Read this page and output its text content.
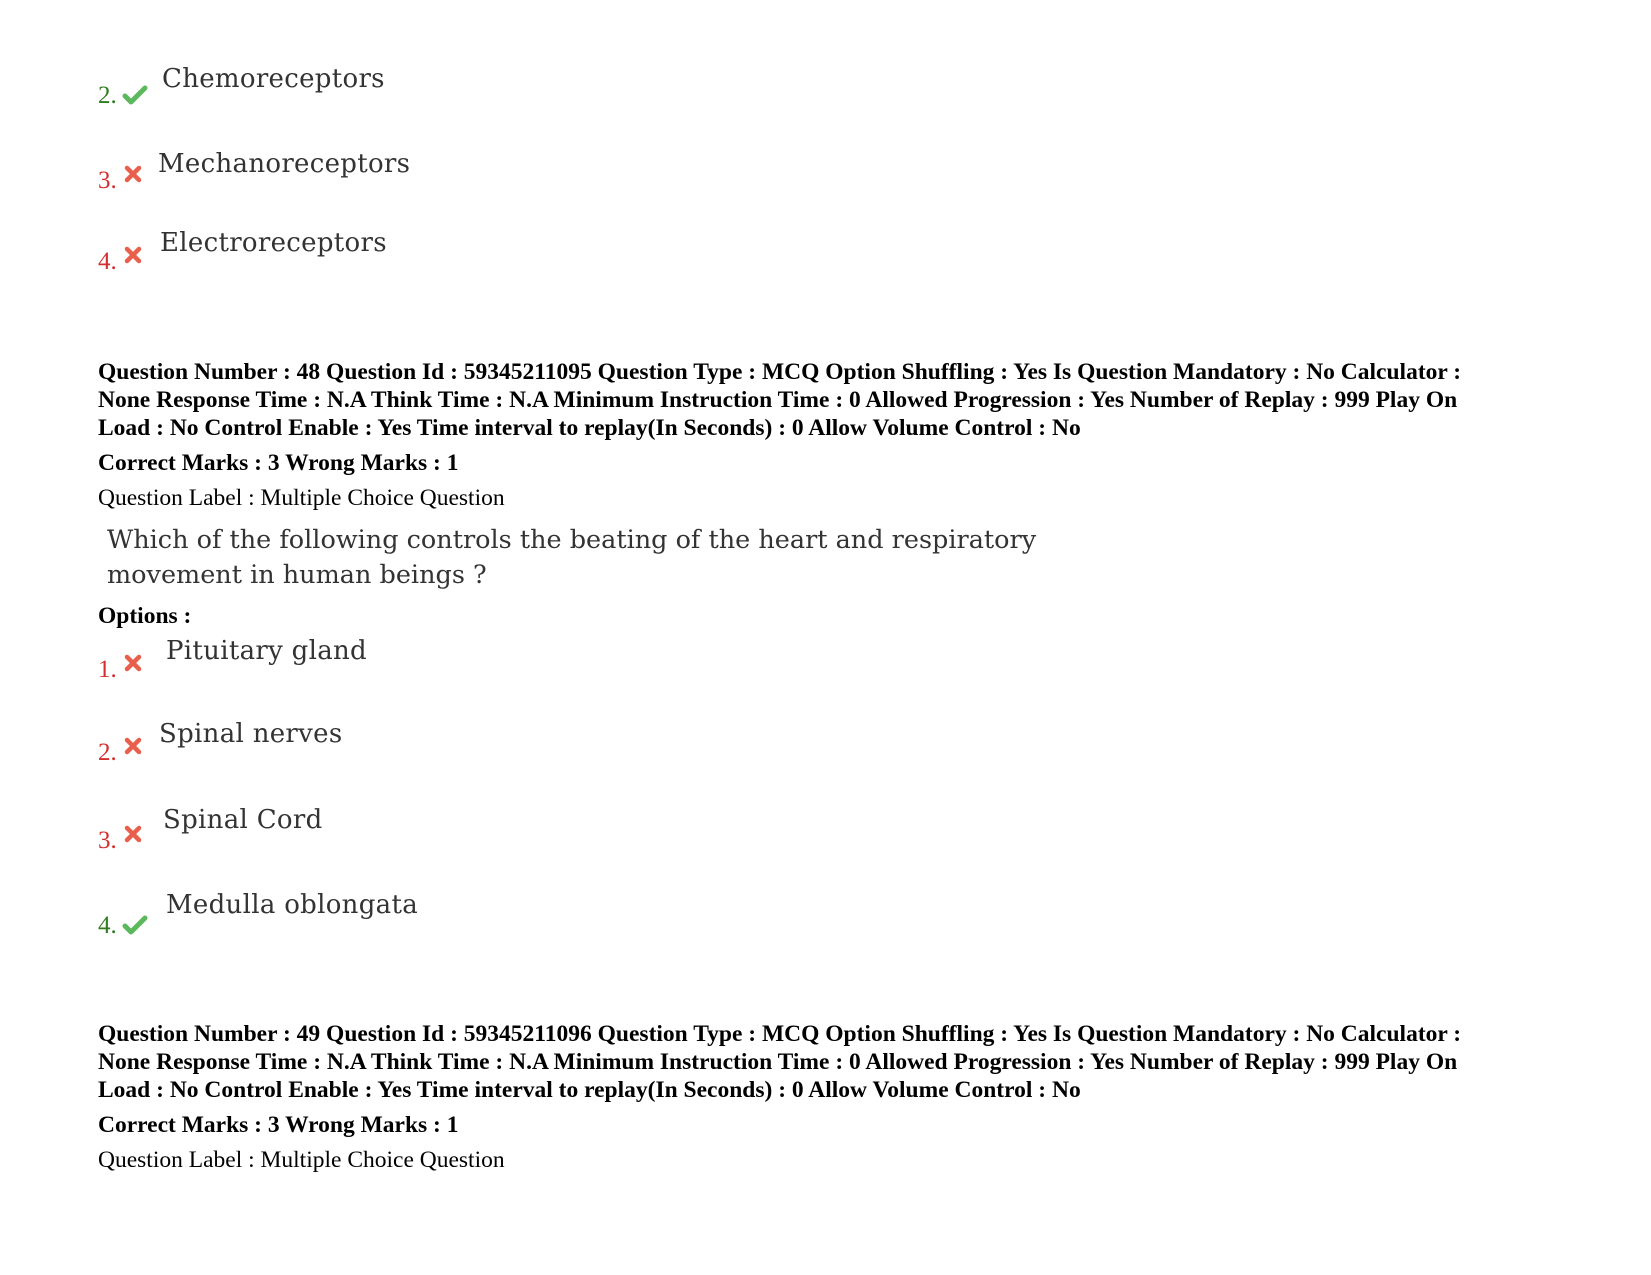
2.
Chemoreceptors
3.
Mechanoreceptors
4.
Electroreceptors
Question Number : 48 Question Id : 59345211095 Question Type : MCQ Option Shuffling : Yes Is Question Mandatory : No Calculator :
None Response Time : N.A Think Time : N.A Minimum Instruction Time : 0 Allowed Progression : Yes Number of Replay : 999 Play On
Load : No Control Enable : Yes Time interval to replay(In Seconds) : 0 Allow Volume Control : No
Correct Marks : 3 Wrong Marks : 1
Question Label : Multiple Choice Question
Which of the following controls the beating of the heart and respiratory
movement in human beings ?
Options :
1.
Pituitary gland
2.
Spinal nerves
3.
Spinal Cord
4.
Medulla oblongata
Question Number : 49 Question Id : 59345211096 Question Type : MCQ Option Shuffling : Yes Is Question Mandatory : No Calculator :
None Response Time : N.A Think Time : N.A Minimum Instruction Time : 0 Allowed Progression : Yes Number of Replay : 999 Play On
Load : No Control Enable : Yes Time interval to replay(In Seconds) : 0 Allow Volume Control : No
Correct Marks : 3 Wrong Marks : 1
Question Label : Multiple Choice Question
